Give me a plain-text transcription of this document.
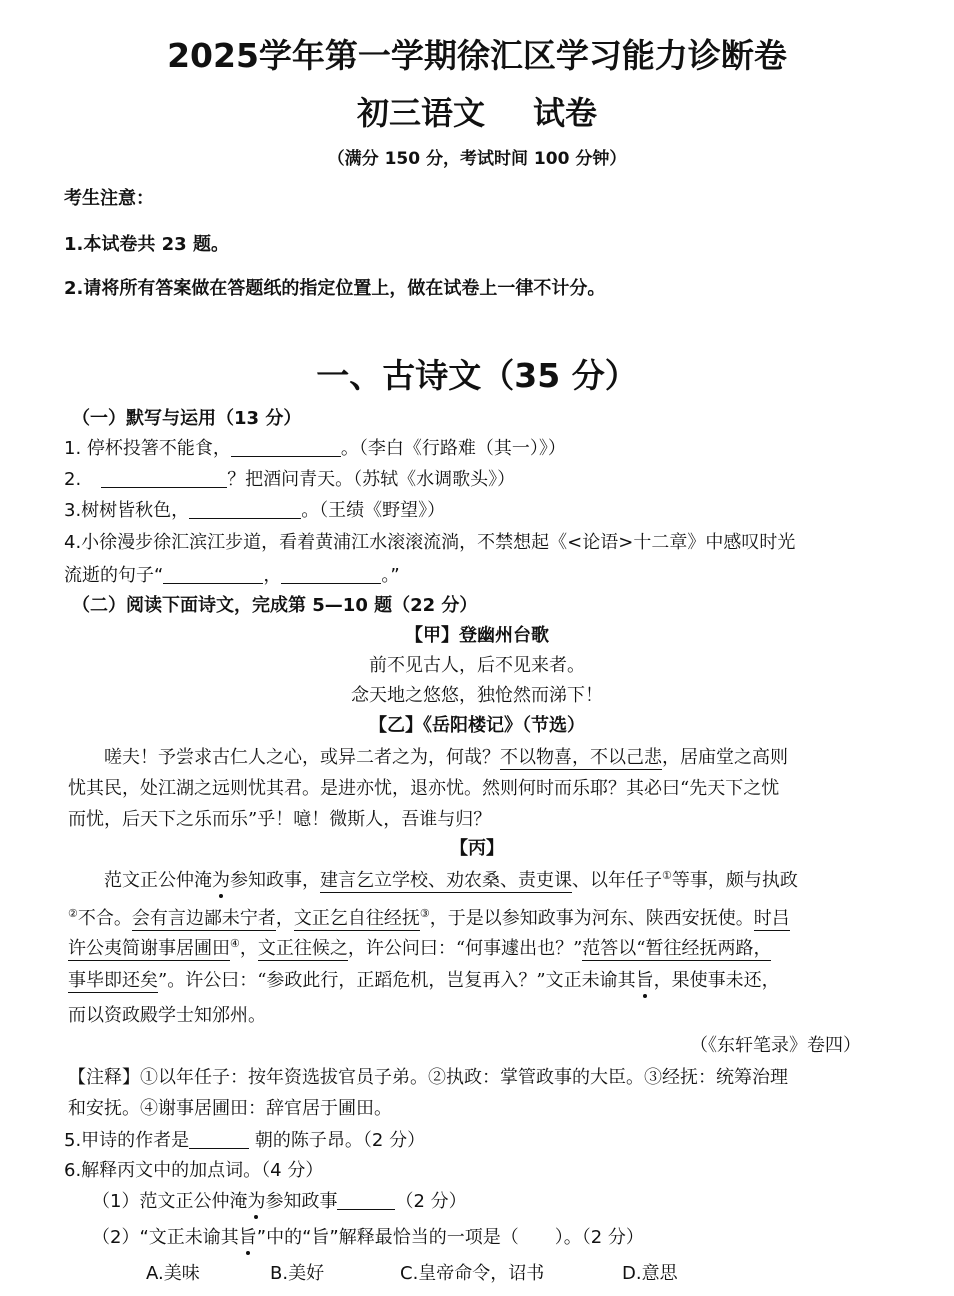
2025学年第一学期徐汇区学习能力诊断卷
初三语文 试卷
（满分 150 分，考试时间 100 分钟）
考生注意：
1.本试卷共 23 题。
2.请将所有答案做在答题纸的指定位置上，做在试卷上一律不计分。
一、古诗文（35 分）
（一）默写与运用（13 分）
1. 停杯投箸不能食，	。（李白《行路难（其一）》）
2.	？把酒问青天。（苏轼《水调歌头》）
3.树树皆秋色，	。（王绩《野望》）
4.小徐漫步徐汇滨江步道，看着黄浦江水滚滚流淌，不禁想起《<论语>十二章》中感叹时光
流逝的句子“	，	。”
（二）阅读下面诗文，完成第 5—10 题（22 分）
【甲】登幽州台歌
前不见古人，后不见来者。
念天地之悠悠，独怆然而涕下！
【乙】《岳阳楼记》（节选）
嗟夫！予尝求古仁人之心，或异二者之为，何哉？不以物喜，不以己悲，居庙堂之高则
忧其民，处江湖之远则忧其君。是进亦忧，退亦忧。然则何时而乐耶？其必曰“先天下之忧
而忧，后天下之乐而乐”乎！噫！微斯人，吾谁与归？
【丙】
范文正公仲淹为参知政事，建言乞立学校、劝农桑、责吏课、以年任子①等事，颇与执政
②不合。会有言边鄙未宁者，文正乞自往经抚③，于是以参知政事为河东、陕西安抚使。时吕
许公夷简谢事居圃田④，文正往候之，许公问曰：“何事遽出也？”范答以“暂往经抚两路，
事毕即还矣”。许公曰：“参政此行，正蹈危机，岂复再入？”文正未谕其旨，果使事未还，
而以资政殿学士知邠州。
（《东轩笔录》卷四）
【注释】①以年任子：按年资选拔官员子弟。②执政：掌管政事的大臣。③经抚：统筹治理
和安抚。④谢事居圃田：辞官居于圃田。
5.甲诗的作者是	朝的陈子昂。（2 分）
6.解释丙文中的加点词。（4 分）
（1）范文正公仲淹为参知政事	（2 分）
（2）“文正未谕其旨”中的“旨”解释最恰当的一项是（　　）。（2 分）
A.美味	B.美好	C.皇帝命令，诏书	D.意思
